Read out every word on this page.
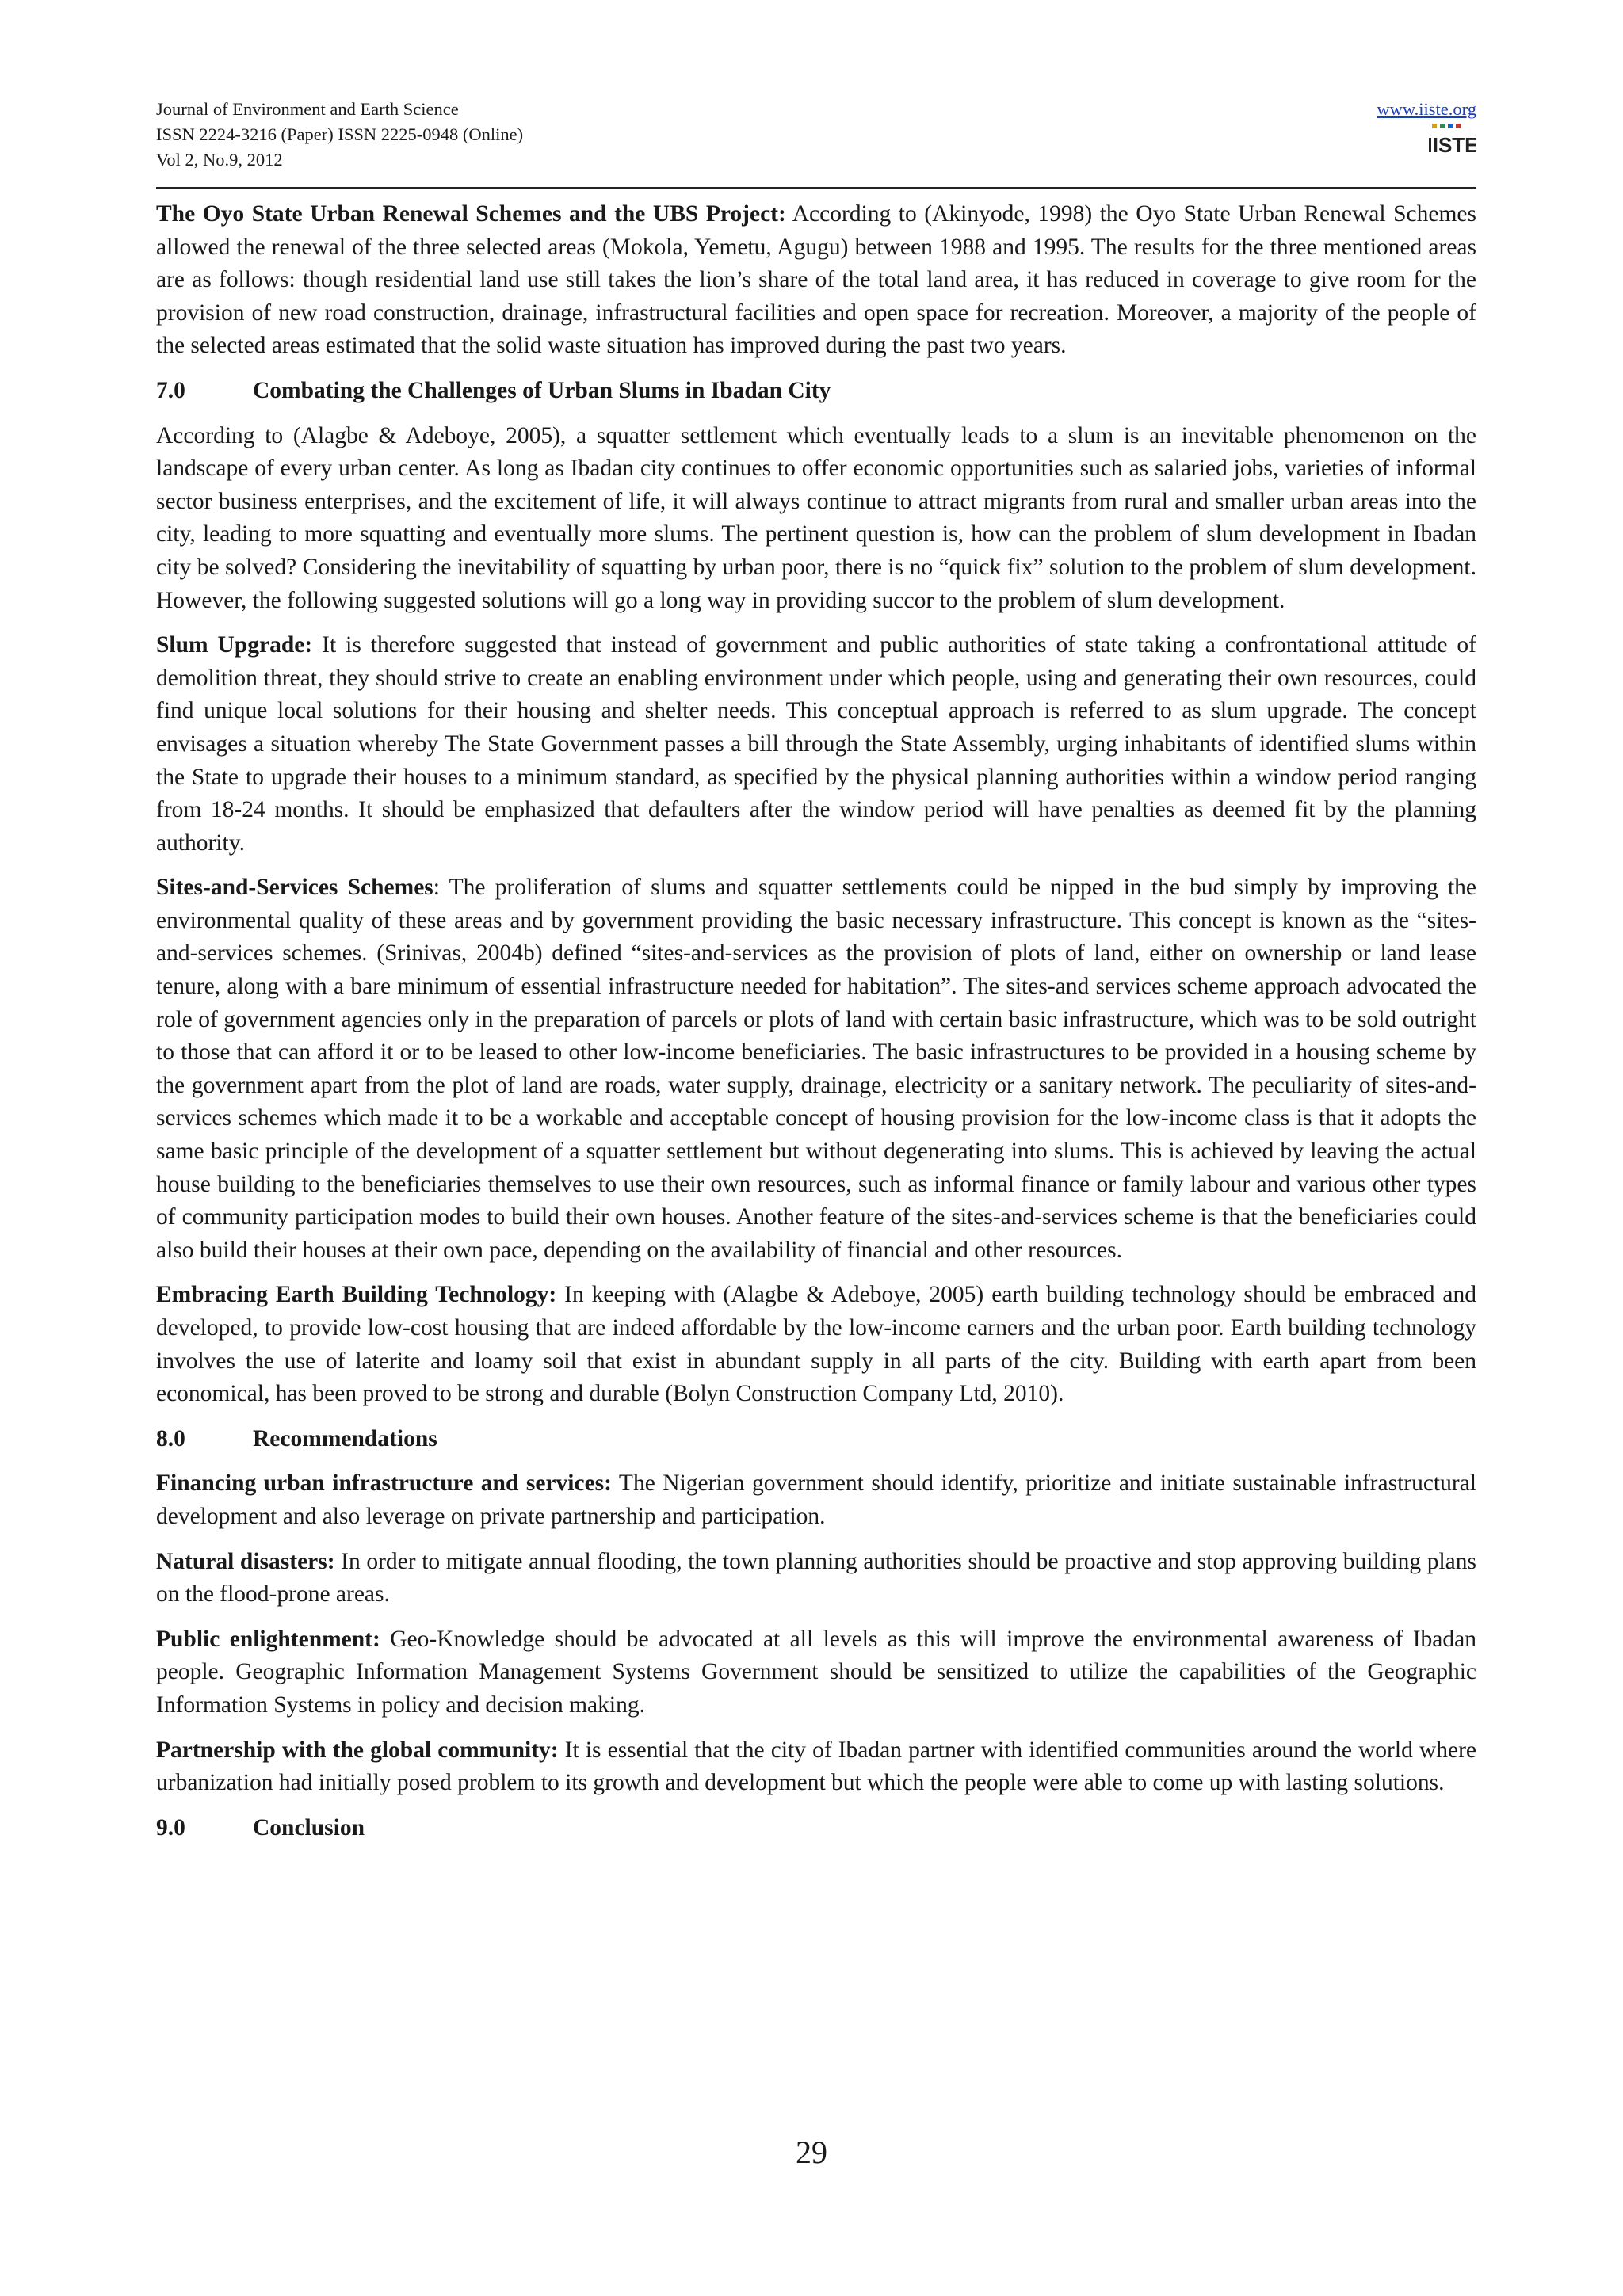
Journal of Environment and Earth Science
ISSN 2224-3216 (Paper) ISSN 2225-0948 (Online)
Vol 2, No.9, 2012
www.iiste.org
IISTE

The Oyo State Urban Renewal Schemes and the UBS Project: According to (Akinyode, 1998) the Oyo State Urban Renewal Schemes allowed the renewal of the three selected areas (Mokola, Yemetu, Agugu) between 1988 and 1995. The results for the three mentioned areas are as follows: though residential land use still takes the lion’s share of the total land area, it has reduced in coverage to give room for the provision of new road construction, drainage, infrastructural facilities and open space for recreation. Moreover, a majority of the people of the selected areas estimated that the solid waste situation has improved during the past two years.

7.0	Combating the Challenges of Urban Slums in Ibadan City

According to (Alagbe & Adeboye, 2005), a squatter settlement which eventually leads to a slum is an inevitable phenomenon on the landscape of every urban center. As long as Ibadan city continues to offer economic opportunities such as salaried jobs, varieties of informal sector business enterprises, and the excitement of life, it will always continue to attract migrants from rural and smaller urban areas into the city, leading to more squatting and eventually more slums. The pertinent question is, how can the problem of slum development in Ibadan city be solved? Considering the inevitability of squatting by urban poor, there is no “quick fix” solution to the problem of slum development. However, the following suggested solutions will go a long way in providing succor to the problem of slum development.

Slum Upgrade: It is therefore suggested that instead of government and public authorities of state taking a confrontational attitude of demolition threat, they should strive to create an enabling environment under which people, using and generating their own resources, could find unique local solutions for their housing and shelter needs. This conceptual approach is referred to as slum upgrade. The concept envisages a situation whereby The State Government passes a bill through the State Assembly, urging inhabitants of identified slums within the State to upgrade their houses to a minimum standard, as specified by the physical planning authorities within a window period ranging from 18-24 months. It should be emphasized that defaulters after the window period will have penalties as deemed fit by the planning authority.

Sites-and-Services Schemes: The proliferation of slums and squatter settlements could be nipped in the bud simply by improving the environmental quality of these areas and by government providing the basic necessary infrastructure. This concept is known as the “sites-and-services schemes. (Srinivas, 2004b) defined “sites-and-services as the provision of plots of land, either on ownership or land lease tenure, along with a bare minimum of essential infrastructure needed for habitation”. The sites-and services scheme approach advocated the role of government agencies only in the preparation of parcels or plots of land with certain basic infrastructure, which was to be sold outright to those that can afford it or to be leased to other low-income beneficiaries. The basic infrastructures to be provided in a housing scheme by the government apart from the plot of land are roads, water supply, drainage, electricity or a sanitary network. The peculiarity of sites-and-services schemes which made it to be a workable and acceptable concept of housing provision for the low-income class is that it adopts the same basic principle of the development of a squatter settlement but without degenerating into slums. This is achieved by leaving the actual house building to the beneficiaries themselves to use their own resources, such as informal finance or family labour and various other types of community participation modes to build their own houses. Another feature of the sites-and-services scheme is that the beneficiaries could also build their houses at their own pace, depending on the availability of financial and other resources.

Embracing Earth Building Technology: In keeping with (Alagbe & Adeboye, 2005) earth building technology should be embraced and developed, to provide low-cost housing that are indeed affordable by the low-income earners and the urban poor. Earth building technology involves the use of laterite and loamy soil that exist in abundant supply in all parts of the city. Building with earth apart from been economical, has been proved to be strong and durable (Bolyn Construction Company Ltd, 2010).

8.0	Recommendations

Financing urban infrastructure and services: The Nigerian government should identify, prioritize and initiate sustainable infrastructural development and also leverage on private partnership and participation.

Natural disasters: In order to mitigate annual flooding, the town planning authorities should be proactive and stop approving building plans on the flood-prone areas.

Public enlightenment: Geo-Knowledge should be advocated at all levels as this will improve the environmental awareness of Ibadan people. Geographic Information Management Systems Government should be sensitized to utilize the capabilities of the Geographic Information Systems in policy and decision making.

Partnership with the global community: It is essential that the city of Ibadan partner with identified communities around the world where urbanization had initially posed problem to its growth and development but which the people were able to come up with lasting solutions.

9.0	Conclusion
29
